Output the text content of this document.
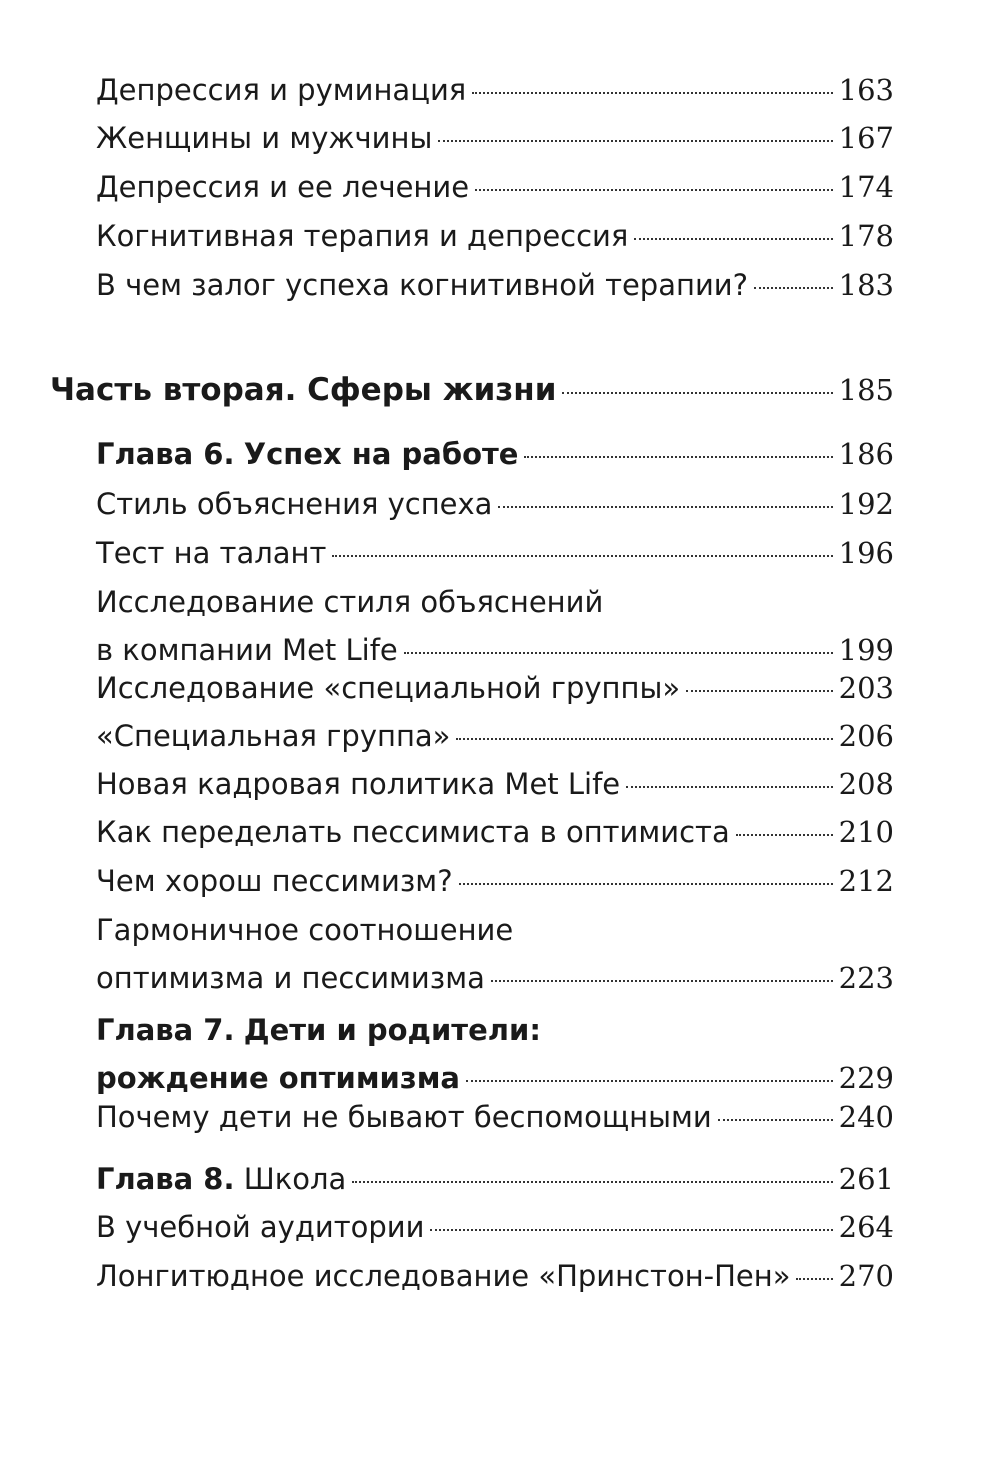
Депрессия и руминация	163
Женщины и мужчины	167
Депрессия и ее лечение	174
Когнитивная терапия и депрессия	178
В чем залог успеха когнитивной терапии?	183
Часть вторая. Сферы жизни	185
Глава 6. Успех на работе	186
Стиль объяснения успеха	192
Тест на талант	196
Исследование стиля объяснений
в компании Met Life	199
Исследование «специальной группы»	203
«Специальная группа»	206
Новая кадровая политика Met Life	208
Как переделать пессимиста в оптимиста	210
Чем хорош пессимизм?	212
Гармоничное соотношение
оптимизма и пессимизма	223
Глава 7. Дети и родители:
рождение оптимизма	229
Почему дети не бывают беспомощными	240
Глава 8. Школа	261
В учебной аудитории	264
Лонгитюдное исследование «Принстон-Пен» 270
